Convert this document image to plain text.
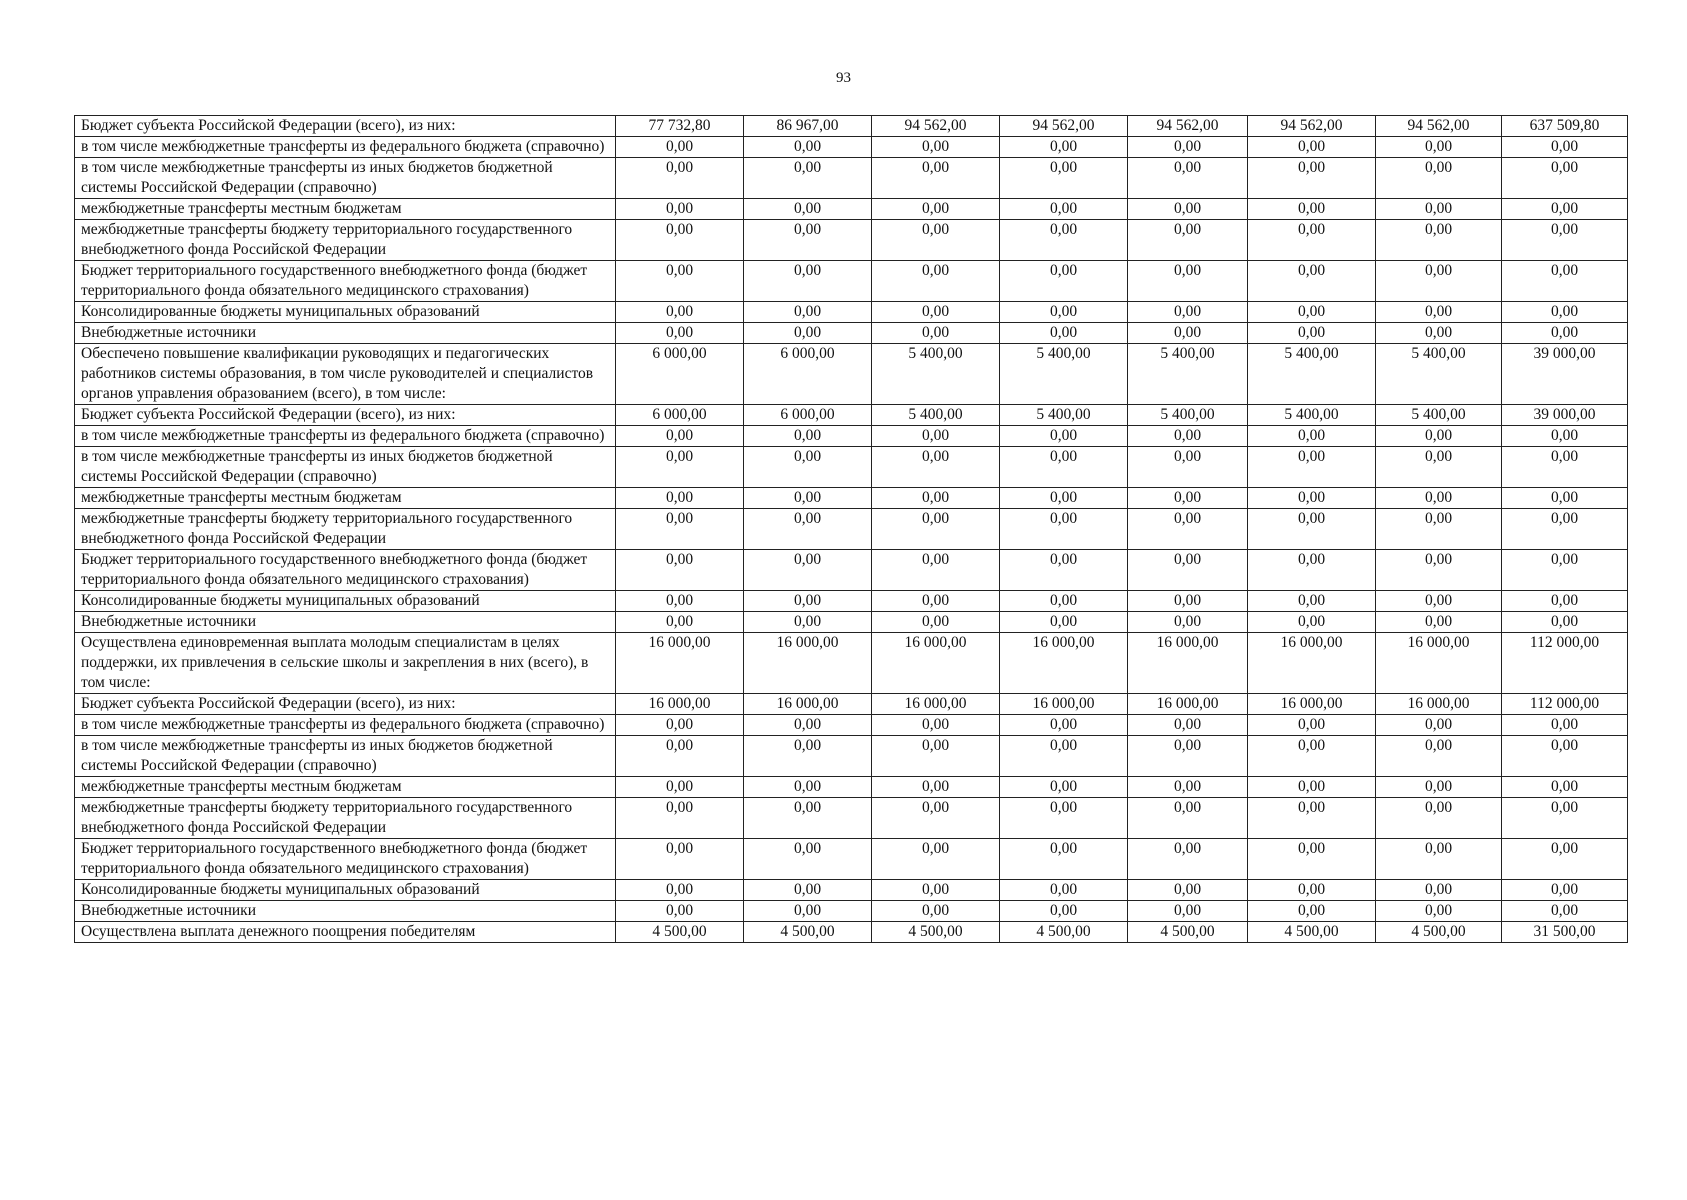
93
Бюджет субъекта Российской Федерации (всего), из них:	77 732,80	86 967,00	94 562,00	94 562,00	94 562,00	94 562,00	94 562,00	637 509,80
в том числе межбюджетные трансферты из федерального бюджета (справочно)	0,00	0,00	0,00	0,00	0,00	0,00	0,00	0,00
в том числе межбюджетные трансферты из иных бюджетов бюджетной системы Российской Федерации (справочно)	0,00	0,00	0,00	0,00	0,00	0,00	0,00	0,00
межбюджетные трансферты местным бюджетам	0,00	0,00	0,00	0,00	0,00	0,00	0,00	0,00
межбюджетные трансферты бюджету территориального государственного внебюджетного фонда Российской Федерации	0,00	0,00	0,00	0,00	0,00	0,00	0,00	0,00
Бюджет территориального государственного внебюджетного фонда (бюджет территориального фонда обязательного медицинского страхования)	0,00	0,00	0,00	0,00	0,00	0,00	0,00	0,00
Консолидированные бюджеты муниципальных образований	0,00	0,00	0,00	0,00	0,00	0,00	0,00	0,00
Внебюджетные источники	0,00	0,00	0,00	0,00	0,00	0,00	0,00	0,00
Обеспечено повышение квалификации руководящих и педагогических работников системы образования, в том числе руководителей и специалистов органов управления образованием (всего), в том числе:	6 000,00	6 000,00	5 400,00	5 400,00	5 400,00	5 400,00	5 400,00	39 000,00
Бюджет субъекта Российской Федерации (всего), из них:	6 000,00	6 000,00	5 400,00	5 400,00	5 400,00	5 400,00	5 400,00	39 000,00
в том числе межбюджетные трансферты из федерального бюджета (справочно)	0,00	0,00	0,00	0,00	0,00	0,00	0,00	0,00
в том числе межбюджетные трансферты из иных бюджетов бюджетной системы Российской Федерации (справочно)	0,00	0,00	0,00	0,00	0,00	0,00	0,00	0,00
межбюджетные трансферты местным бюджетам	0,00	0,00	0,00	0,00	0,00	0,00	0,00	0,00
межбюджетные трансферты бюджету территориального государственного внебюджетного фонда Российской Федерации	0,00	0,00	0,00	0,00	0,00	0,00	0,00	0,00
Бюджет территориального государственного внебюджетного фонда (бюджет территориального фонда обязательного медицинского страхования)	0,00	0,00	0,00	0,00	0,00	0,00	0,00	0,00
Консолидированные бюджеты муниципальных образований	0,00	0,00	0,00	0,00	0,00	0,00	0,00	0,00
Внебюджетные источники	0,00	0,00	0,00	0,00	0,00	0,00	0,00	0,00
Осуществлена единовременная выплата молодым специалистам в целях поддержки, их привлечения в сельские школы и закрепления в них (всего), в том числе:	16 000,00	16 000,00	16 000,00	16 000,00	16 000,00	16 000,00	16 000,00	112 000,00
Бюджет субъекта Российской Федерации (всего), из них:	16 000,00	16 000,00	16 000,00	16 000,00	16 000,00	16 000,00	16 000,00	112 000,00
в том числе межбюджетные трансферты из федерального бюджета (справочно)	0,00	0,00	0,00	0,00	0,00	0,00	0,00	0,00
в том числе межбюджетные трансферты из иных бюджетов бюджетной системы Российской Федерации (справочно)	0,00	0,00	0,00	0,00	0,00	0,00	0,00	0,00
межбюджетные трансферты местным бюджетам	0,00	0,00	0,00	0,00	0,00	0,00	0,00	0,00
межбюджетные трансферты бюджету территориального государственного внебюджетного фонда Российской Федерации	0,00	0,00	0,00	0,00	0,00	0,00	0,00	0,00
Бюджет территориального государственного внебюджетного фонда (бюджет территориального фонда обязательного медицинского страхования)	0,00	0,00	0,00	0,00	0,00	0,00	0,00	0,00
Консолидированные бюджеты муниципальных образований	0,00	0,00	0,00	0,00	0,00	0,00	0,00	0,00
Внебюджетные источники	0,00	0,00	0,00	0,00	0,00	0,00	0,00	0,00
Осуществлена выплата денежного поощрения победителям	4 500,00	4 500,00	4 500,00	4 500,00	4 500,00	4 500,00	4 500,00	31 500,00
